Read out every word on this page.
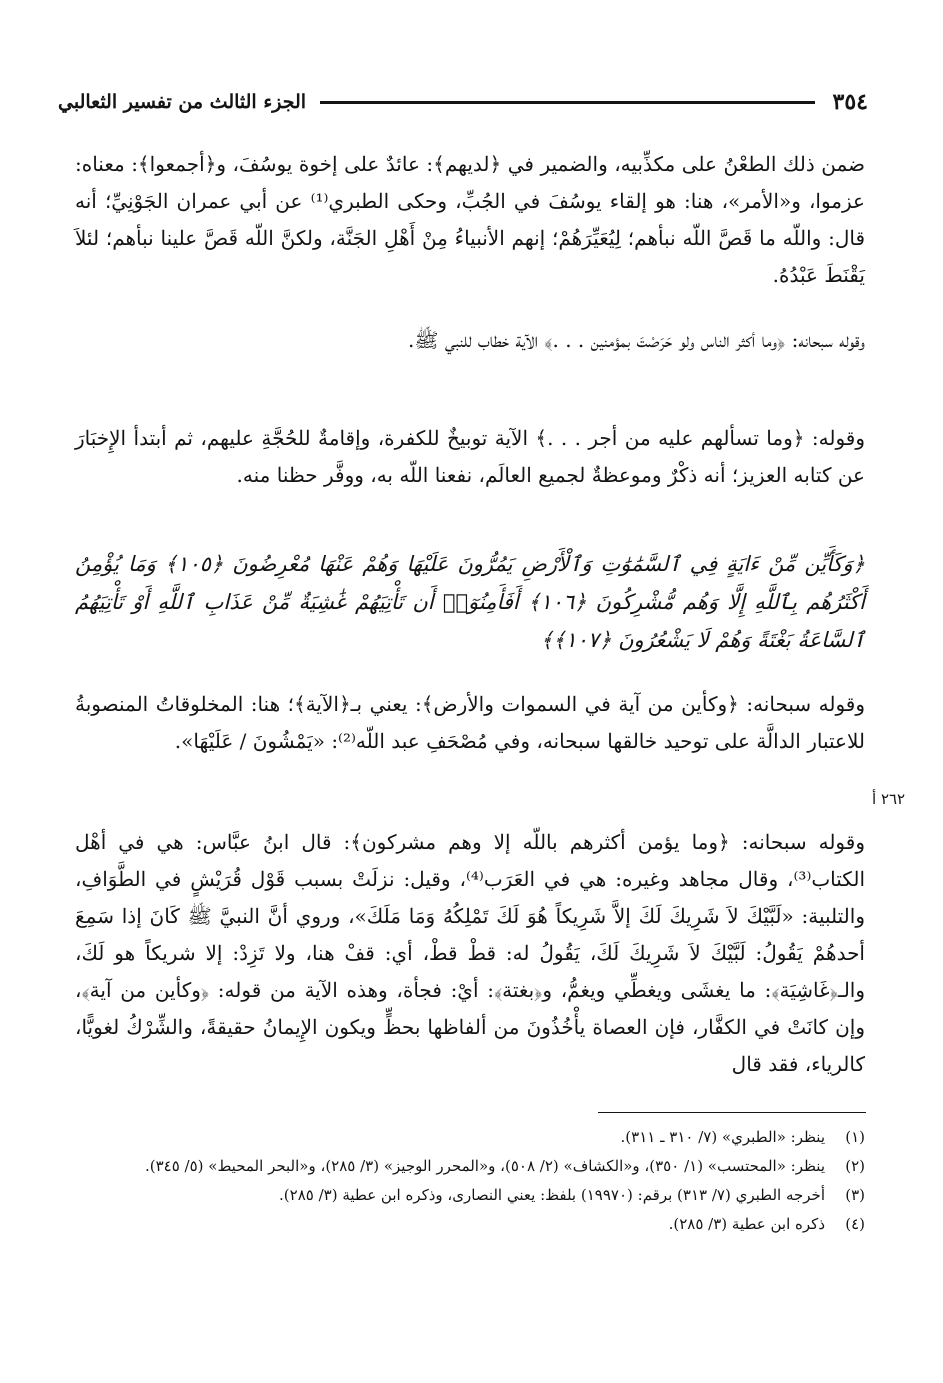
٣٥٤
الجزء الثالث من تفسير الثعالبي

ضمن ذلك الطعْنُ على مكذِّبيه، والضمير في ﴿لديهم﴾: عائدٌ على إخوة يوسُفَ، و﴿أجمعوا﴾: معناه: عزموا، و«الأمر»، هنا: هو إلقاء يوسُفَ في الجُبِّ، وحكى الطبري⁽¹⁾ عن أبي عمران الجَوْنِيِّ؛ أنه قال: واللّه ما قَصَّ اللّه نبأهم؛ لِيُعَيِّرَهُمْ؛ إنهم الأنبياءُ مِنْ أَهْلِ الجَنَّة، ولكنَّ اللّه قَصَّ علينا نبأهم؛ لئلاَ يَقْنَطَ عَبْدُهُ.

وقوله سبحانه: ﴿وما أكثر الناس ولو حَرَصْتَ بمؤمنين . . .﴾ الآية خطاب للنبي ﷺ.

وقوله: ﴿وما تسألهم عليه من أجر . . .﴾ الآية توبيخٌ للكفرة، وإقامةٌ للحُجَّةِ عليهم، ثم أبتدأ الإِخبَارَ عن كتابه العزيز؛ أنه ذكْرٌ وموعظةٌ لجميع العالَم، نفعنا اللّه به، ووفَّر حظنا منه.

﴿وَكَأَيِّن مِّنْ ءَايَةٍ فِي ٱلسَّمَٰوَٰتِ وَٱلْأَرْضِ يَمُرُّونَ عَلَيْهَا وَهُمْ عَنْهَا مُعْرِضُونَ ﴿١٠٥﴾ وَمَا يُؤْمِنُ أَكْثَرُهُم بِٱللَّهِ إِلَّا وَهُم مُّشْرِكُونَ ﴿١٠٦﴾ أَفَأَمِنُوٓا۟ أَن تَأْتِيَهُمْ غَٰشِيَةٌ مِّنْ عَذَابِ ٱللَّهِ أَوْ تَأْتِيَهُمُ ٱلسَّاعَةُ بَغْتَةً وَهُمْ لَا يَشْعُرُونَ ﴿١٠٧﴾﴾

وقوله سبحانه: ﴿وكأين من آية في السموات والأرض﴾: يعني بـ﴿الآية﴾؛ هنا: المخلوقاتُ المنصوبةُ للاعتبار الدالَّة على توحيد خالقها سبحانه، وفي مُصْحَفِ عبد اللّه⁽²⁾: «يَمْشُونَ / عَلَيْهَا».

٢٦٢ أ

وقوله سبحانه: ﴿وما يؤمن أكثرهم باللّه إلا وهم مشركون﴾: قال ابنُ عبَّاس: هي في أهْل الكتاب⁽³⁾، وقال مجاهد وغيره: هي في العَرَب⁽⁴⁾، وقيل: نزلَتْ بسبب قَوْل قُرَيْشٍ في الطَّوَافِ، والتلبية: «لَبَّيْكَ لاَ شَرِيكَ لَكَ إلاَّ شَرِيكاً هُوَ لَكَ تَمْلِكُهُ وَمَا مَلَكَ»، وروي أنَّ النبيَّ ﷺ كَانَ إذا سَمِعَ أحدهُمْ يَقُولُ: لَبَّيْكَ لاَ شَرِيكَ لَكَ، يَقُولُ له: قطْ قطْ، أي: قفْ هنا، ولا تَزِدْ: إلا شريكاً هو لَكَ، والـ﴿غَاشِيَة﴾: ما يغشَى ويغطِّي ويغمُّ، و﴿بغتة﴾: أيْ: فجأة، وهذه الآية من قوله: ﴿وكأين من آية﴾، وإن كانَتْ في الكفَّار، فإن العصاة يأْخُذُونَ من ألفاظها بحظٍّ ويكون الإِيمانُ حقيقةً، والشِّرْكُ لغويًّا، كالرياء، فقد قال

(١)
ينظر: «الطبري» (٧/ ٣١٠ ـ ٣١١).
(٢)
ينظر: «المحتسب» (١/ ٣٥٠)، و«الكشاف» (٢/ ٥٠٨)، و«المحرر الوجيز» (٣/ ٢٨٥)، و«البحر المحيط» (٥/ ٣٤٥).
(٣)
أخرجه الطبري (٧/ ٣١٣) برقم: (١٩٩٧٠) بلفظ: يعني النصارى، وذكره ابن عطية (٣/ ٢٨٥).
(٤)
ذكره ابن عطية (٣/ ٢٨٥).
